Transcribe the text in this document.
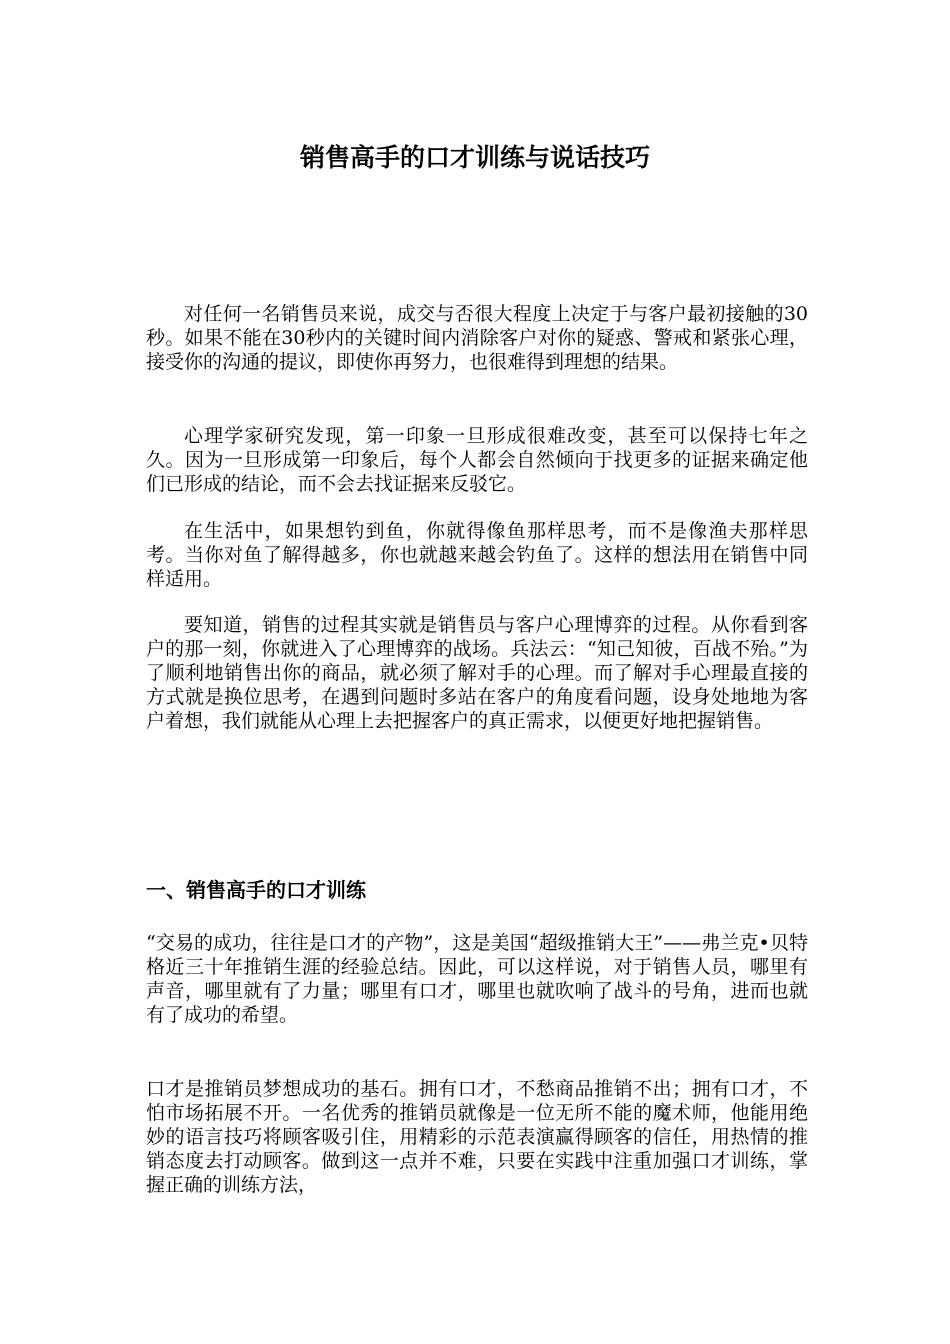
销售高手的口才训练与说话技巧

对任何一名销售员来说，成交与否很大程度上决定于与客户最初接触的30秒。如果不能在30秒内的关键时间内消除客户对你的疑惑、警戒和紧张心理，接受你的沟通的提议，即使你再努力，也很难得到理想的结果。

心理学家研究发现，第一印象一旦形成很难改变，甚至可以保持七年之久。因为一旦形成第一印象后，每个人都会自然倾向于找更多的证据来确定他们已形成的结论，而不会去找证据来反驳它。

在生活中，如果想钓到鱼，你就得像鱼那样思考，而不是像渔夫那样思考。当你对鱼了解得越多，你也就越来越会钓鱼了。这样的想法用在销售中同样适用。

要知道，销售的过程其实就是销售员与客户心理博弈的过程。从你看到客户的那一刻，你就进入了心理博弈的战场。兵法云：“知己知彼，百战不殆。”为了顺利地销售出你的商品，就必须了解对手的心理。而了解对手心理最直接的方式就是换位思考，在遇到问题时多站在客户的角度看问题，设身处地地为客户着想，我们就能从心理上去把握客户的真正需求，以便更好地把握销售。

一、销售高手的口才训练

“交易的成功，往往是口才的产物”，这是美国“超级推销大王”——弗兰克•贝特格近三十年推销生涯的经验总结。因此，可以这样说，对于销售人员，哪里有声音，哪里就有了力量；哪里有口才，哪里也就吹响了战斗的号角，进而也就有了成功的希望。

口才是推销员梦想成功的基石。拥有口才，不愁商品推销不出；拥有口才，不怕市场拓展不开。一名优秀的推销员就像是一位无所不能的魔术师，他能用绝妙的语言技巧将顾客吸引住，用精彩的示范表演赢得顾客的信任，用热情的推销态度去打动顾客。做到这一点并不难，只要在实践中注重加强口才训练，掌握正确的训练方法，
